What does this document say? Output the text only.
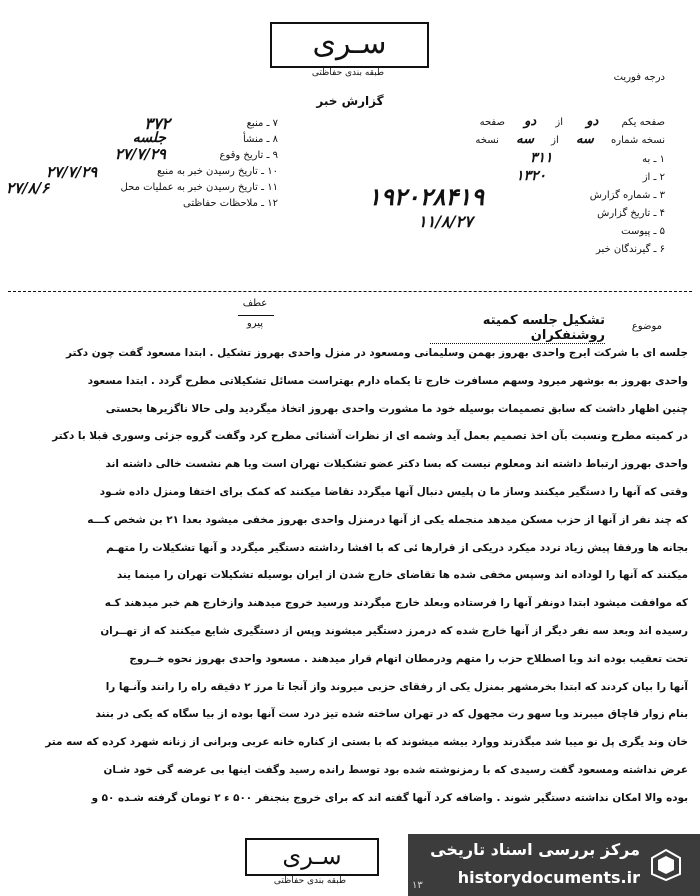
سـری
طبقه بندی حفاظتی	درجه فوریت
گزارش خبر
۷ ـ منبع
۳۷۲
۸ ـ منشأ
جلسه
۹ ـ تاریخ وقوع
۲۷/۷/۲۹
۱۰ ـ تاریخ رسیدن خبر به منبع
۲۷/۷/۲۹
۱۱ ـ تاریخ رسیدن خبر به عملیات محل
۲۷/۸/۶
۱۲ ـ ملاحظات حفاظتی
صفحه یکم دو از دو صفحه
نسخه شماره سه از سه نسخه
۱ ـ به
۳۱۱
۲ ـ از
۱۳۲۰
۳ ـ شماره گزارش
۴ ـ تاریخ گزارش
۵ ـ پیوست
۶ ـ گیرندگان خبر
۱۹۲۰۲۸۴۱۹
۱۱/۸/۲۷
عطف
پیرو	موضوع
تشکیل جلسه کمیته روشنفکران
جلسه ای با شرکت ایرج واحدی بهروز بهمن وسلیمانی ومسعود در منزل واحدی بهروز تشکیل . ابتدا مسعود گفت چون دکتر
واحدی بهروز به بوشهر میرود وسهم مسافرت خارج تا یکماه دارم بهتراست مسائل تشکیلاتی مطرح گردد . ابتدا مسعود
چنین اظهار داشت که سابق تصمیمات بوسیله خود ما مشورت واحدی بهروز اتخاذ میگردید ولی حالا ناگزیرها بحستی
در کمیته مطرح ونسبت بآن اخذ تصمیم بعمل آید وشمه ای از نظرات آشنائی مطرح کرد وگفت گروه جزئی وسوری قبلا با دکتر
واحدی بهروز ارتباط داشته اند ومعلوم نیست که بسا دکتر عضو تشکیلات تهران است وبا هم نشست خالی داشته اند
وقتی که آنها را دستگیر میکنند وساز ما ن پلیس دنبال آنها میگردد تقاضا میکنند که کمک برای اختفا ومنزل داده شـود
که چند نفر از آنها از حزب مسکن میدهد منجمله یکی از آنها درمنزل واحدی بهروز مخفی میشود بعدا ۲۱ بن شخص کـــه
بجانه ها ورفقا پیش زیاد تردد میکرد دریکی از قرارها ئی که با افشا رداشته دستگیر میگردد و آنها تشکیلات را متهـم
میکنند که آنها را لوداده اند وسپس مخفی شده ها تقاضای خارج شدن از ایران بوسیله تشکیلات تهران را مینما یند
که موافقت میشود ابتدا دونفر آنها را فرستاده وبعلد خارج میگردند ورسید خروج میدهند وازخارج هم خبر میدهند کـه
رسیده اند وبعد سه نفر دیگر از آنها خارج شده که درمرز دستگیر میشوند وپس از دستگیری شایع میکنند که از تهــران
تحت تعقیب بوده اند وبا اصطلاح حزب را متهم ودرمطان اتهام قرار میدهند . مسعود واحدی بهروز نحوه خــروج
آنها را بیان کردند که ابتدا بخرمشهر بمنزل یکی از رفقای حزبی میروند واز آنجا تا مرز ۲ دقیقه راه را رانند وآنـها را
بنام زوار قاچاق میبرند وبا سهو رت مجهول که در تهران ساخته شده تیز درد ست آنها بوده از بیا سگاه که یکی در بنند
خان وند یگری پل نو میبا شد میگذرند ووارد بیشه میشوند که با بستی از کناره خانه عربی وبرانی از زنانه شهرد کرده که سه متر
عرض نداشته ومسعود گفت رسیدی که با رمزنوشته شده بود توسط رانده رسید وگفت اینها بی عرضه گی خود شـان
بوده والا امکان نداشته دستگیر شوند . واضافه کرد آنها گفته اند که برای خروج بنجنفر ۵۰۰ ء ۲ تومان گرفته شـده ۵۰ و
سـری
طبقه بندی حفاظتی
مرکز بررسی اسناد تاریخی
historydocuments.ir
۱۳
